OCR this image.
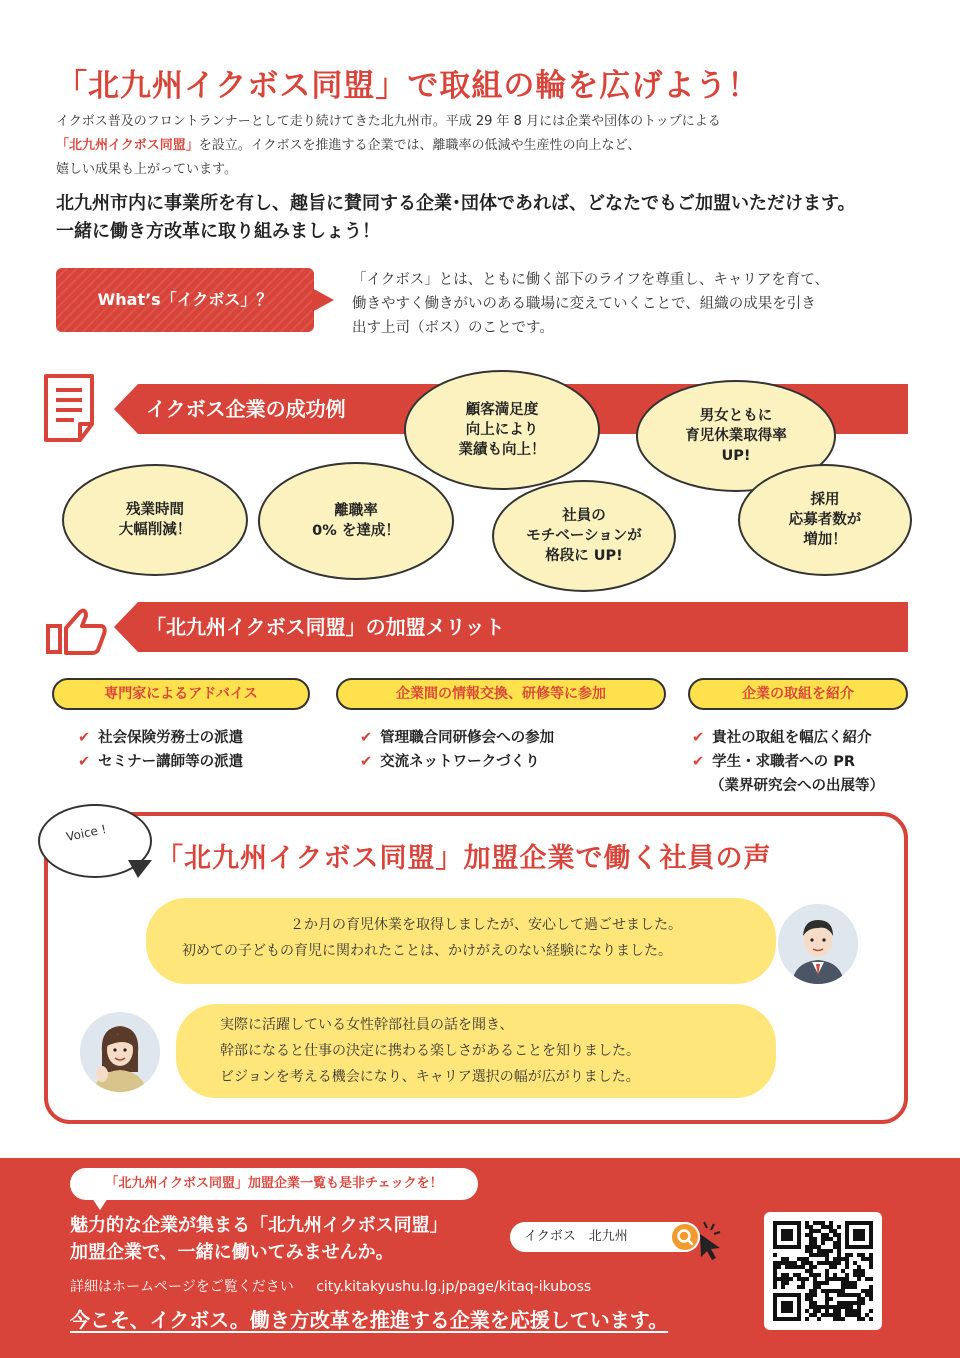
「北九州イクボス同盟」で取組の輪を広げよう！
イクボス普及のフロントランナーとして走り続けてきた北九州市。平成 29 年 8 月には企業や団体のトップによる
「北九州イクボス同盟」を設立。イクボスを推進する企業では、離職率の低減や生産性の向上など、
嬉しい成果も上がっています。
北九州市内に事業所を有し、趣旨に賛同する企業･団体であれば、どなたでもご加盟いただけます。
一緒に働き方改革に取り組みましょう！
What’s「イクボス」？
「イクボス」とは、ともに働く部下のライフを尊重し、キャリアを育て、
働きやすく働きがいのある職場に変えていくことで、組織の成果を引き
出す上司（ボス）のことです。
イクボス企業の成功例
残業時間
大幅削減！
離職率
0% を達成！
顧客満足度
向上により
業績も向上！
社員の
モチベーションが
格段に UP!
男女ともに
育児休業取得率
UP!
採用
応募者数が
増加！
「北九州イクボス同盟」の加盟メリット
専門家によるアドバイス
✔ 社会保険労務士の派遣
✔ セミナー講師等の派遣
企業間の情報交換、研修等に参加
✔ 管理職合同研修会への参加
✔ 交流ネットワークづくり
企業の取組を紹介
✔ 貴社の取組を幅広く紹介
✔ 学生・求職者への PR
（業界研究会への出展等）
Voice !
「北九州イクボス同盟」加盟企業で働く社員の声
２か月の育児休業を取得しましたが、安心して過ごせました。
初めての子どもの育児に関われたことは、かけがえのない経験になりました。
実際に活躍している女性幹部社員の話を聞き、
幹部になると仕事の決定に携わる楽しさがあることを知りました。
ビジョンを考える機会になり、キャリア選択の幅が広がりました。
「北九州イクボス同盟」加盟企業一覧も是非チェックを！
魅力的な企業が集まる「北九州イクボス同盟」
加盟企業で、一緒に働いてみませんか。
イクボス　北九州
詳細はホームページをご覧ください city.kitakyushu.lg.jp/page/kitaq-ikuboss
今こそ、イクボス。働き方改革を推進する企業を応援しています。
